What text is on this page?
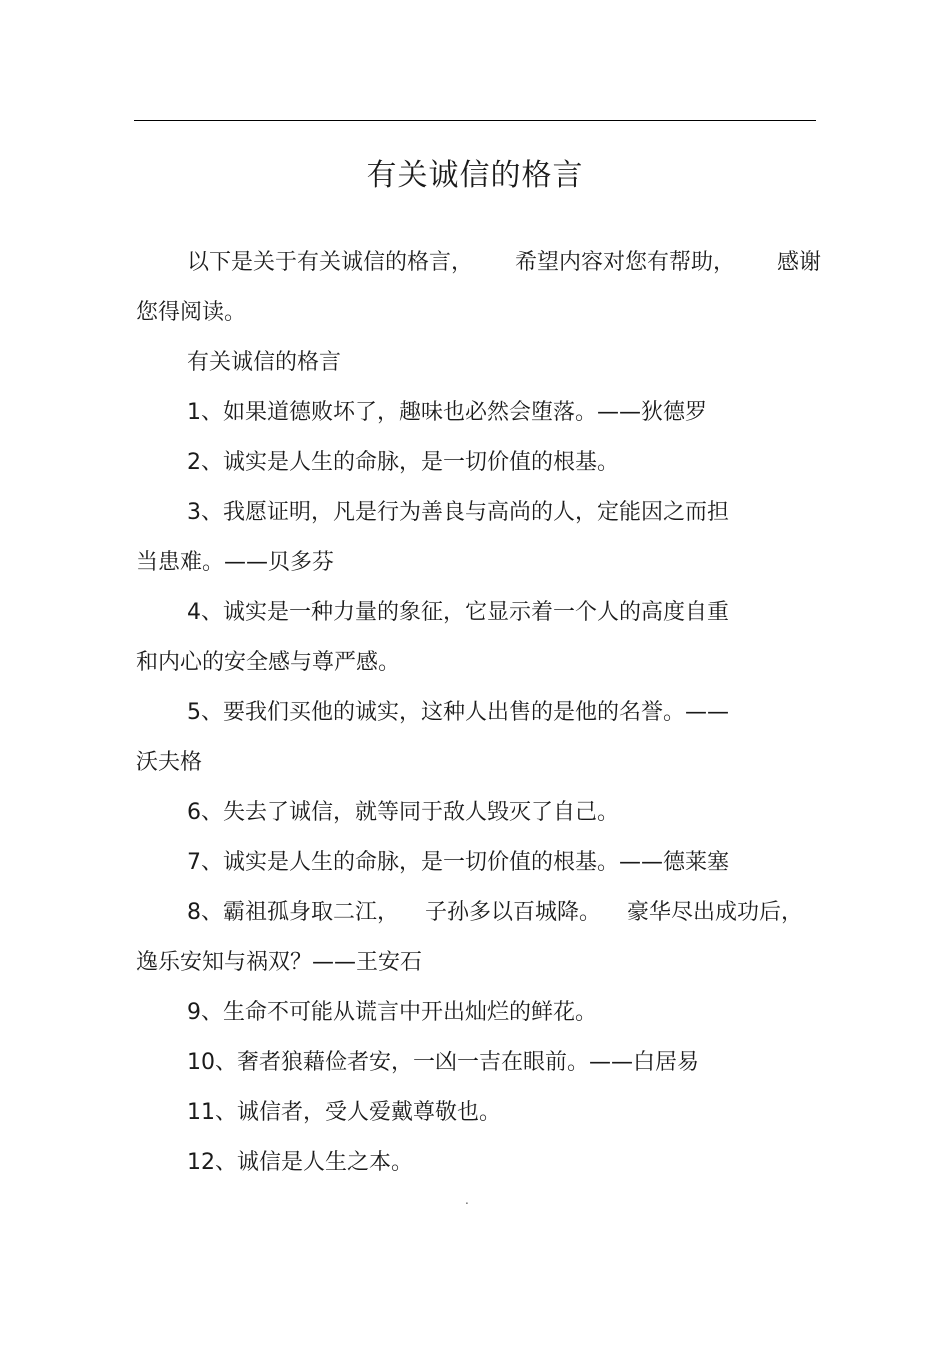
有关诚信的格言
以下是关于有关诚信的格言， 希望内容对您有帮助， 感谢
您得阅读。
有关诚信的格言
1、如果道德败坏了，趣味也必然会堕落。——狄德罗
2、诚实是人生的命脉，是一切价值的根基。
3、我愿证明，凡是行为善良与高尚的人，定能因之而担
当患难。——贝多芬
4、诚实是一种力量的象征，它显示着一个人的高度自重
和内心的安全感与尊严感。
5、要我们买他的诚实，这种人出售的是他的名誉。——
沃夫格
6、失去了诚信，就等同于敌人毁灭了自己。
7、诚实是人生的命脉，是一切价值的根基。——德莱塞
8、霸祖孤身取二江， 子孙多以百城降。 豪华尽出成功后，
逸乐安知与祸双？——王安石
9、生命不可能从谎言中开出灿烂的鲜花。
10、奢者狼藉俭者安，一凶一吉在眼前。——白居易
11、诚信者，受人爱戴尊敬也。
12、诚信是人生之本。
.
